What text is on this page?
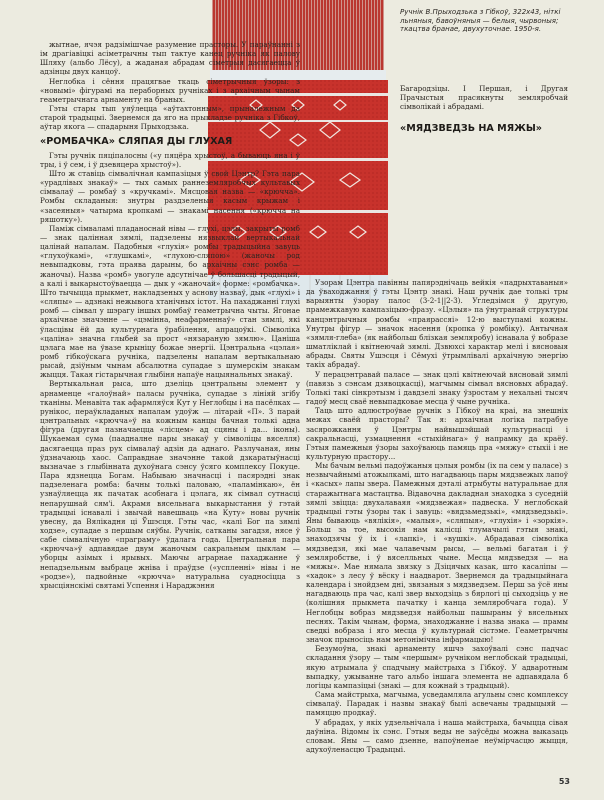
Ручнік В.Прыходзька з Гібкоў, 322х43, ніткі льняныя, бавоўняныя — белыя, чырвоныя; ткацтва бранае, двухуточнае. 1950-я.

жытнае, ячэя радзімішчае разумение прасторы. У параўнанні з ім драгіавіцкі асіметрычны тып тактуе канец ручніка як палову Шляху (альбо Лёсу), а жаданая абрадам сіметрыя дасягаецца ў адзінцы двух канцоў.

Неглобка і сёння працягвае ткаць сіметрычныя ўзоры: з «новымі» фігурамі на пераборных ручніках і з архаічным чынам геаметрычнага арнаменту на браных.

Гэты стары тып уяўлецца «аўтахтонным», прыналежным да старой традыцыі. Звернемся да яго на прыкладзе ручніка з Гібкоў, аўтар якога — спадарыня Прыходзька.

«РОМБАЧКА» СЛЯПАЯ ДЫ ГЛУХАЯ

Гэты ручнік пяціпалосны («у пяцёра хрыстоў, а бываюць яна і ў тры, і ў сем, і ў дзевяцера хрыстоў»).

Што ж ставіць сімвалічная кампазіцыя ў свой Цэнтр? Гэта пара «урадлівых знакаў» — тых самых раннеземляробчых культавых сімвалаў — ромбаў з «кручкамі». Мясцовая назва — «крючча». Ромбы складаныя: знутры раздзеленыя касым крыжам і «засеяныя» чатырма кропкамі — знакамі насення («крючча на ряшотку»).

Паміж сімваламі пладаноснай нівы — глухі, цэлы, закрыты ромб — знак цалінная зямлі, падзелены нязвыклай вертыкальнай цалінай напалам. Падобныя «глухія» ромбы традыцыйна завуць «глухоўкамі», «глушкамі», «глухою-сляпою» (жаночы род невыпадковы, гэта праява дарыны, бо архаічны сэнс ромба — жаночы). Назва «ромб» увогуле адсутнічае ў большасці традыцый, а калі і выкарыстоўваецца — дык у «жаночай» форме: «ромбачка». Што тычыцца прыкмет, накладзеных у аснову назваў, дык «глухі» і «сляпы» — адзнакі нежывога хтанічных істот. На пахаджанні глухі ромб — сімвал у шэрагу іншых ромбаў геаметрычна чыты. Ягонае архаічнае значэнне — «цэмінна, неафарменнаў» стан зямлі, які ўласцівы ёй да культурнага ўрабілення, апрацоўкі. Сімволіка «цаліна» значна глыбей за прост «нязараную зямлю». Цаніша цэлага мае на ўвазе крыніцу божае энергіі. Цэнтральна «цэлая» ромб гібкоўскага ручніка, падзелены напалам вертыкальнаю рысай, дзіўным чынам абсалютна супадае з шумерскім знакам жыцця. Такая гістарычная глыбіня напаўе нацыянальных знакаў.

Вертыкальная рыса, што дзеліць цэнтральны элемент у арнаменце «галоўнай» паласы ручніка, супадае з лініяй згібу тканіны. Менавіта так афармляўся Кут у Неглобцы і на пасёлках — рунікос, пераўкладаных напалам удоўж — літарай «П». З парай цэнтральных «крючча»ў на кожным канцы бачная толькі адна фігура (другая пазначаецца «лісцем» ад сцяны і да... іконы). Шукаемая сума (паадналне пары знакаў у сімволіцы вяселля) дасягаецца праз рух сімвалаў адзін да аднаго. Разлучаная, яны ўдзначаюць хаос. Саправднае значэнне такой дзкаратыўнасці вызначае з глыбінната духоўнага сэнсу ўсяго комплексу Покуце. Пара ядзнецца Богам. Набываю значнасці і пасярэдні знак падзеленага ромба: бачны толькі паловаю, «паламінкаю», ён узнаўляецца як пачатак асобнага і цэлага, як сімвал сутнасці непарушнай сям'і. Акрамя вясельнага выкарыстання ў гэтай традыцыі існавалі і звычай навешваць «на Куту» новы ручнік увесну, да Вялікадня ці Ўшэсця. Гэты час, «калі Бог па зямлі ходзе», супадае з першым сяўбы. Ручнік, сатканы загадзя, нясе ў сабе сімвалічную «праграму» ўдалага года. Цэнтральная пара «крючча»ў адпавядае двум жаночым сакральным цыклам — уборцы азімых і ярывых. Маючы аграрнае пахаджанне ў непадзельным выбраце жніва і праўдзе («успленні» нівы і не «родзе»), падвойные «крючча» натуральна суадносіцца з хрысціянскімі святамі Успення і Нараджэння

Багародзіцы. І Першая, і Другая Прачыстыя прасякнуты земляробчай сімволікай і абрадамі.

«МЯДЗВЕДЗЬ НА МЯЖЫ»

Узорам Цэнтра павінны папярэднічаць вейкія «падрыхтаваныя» да ўваходжання ў гэты Цэнтр знакі. Наш ручнік дае толькі тры варыянты ўзорау палос (3-2-1||2-3). Угледзімся ў другую, прамежкавую кампазіцыю-фразу. «Цэлыя» па ўнутранай структуры канцэнтрычныя ромбы «праярассяі» 12-ю выступамі кожны. Унутры фігур — значок насення (кропка ў ромбіку). Антычная «зямля-глеба» (як найбольш блізкая земляробу) існавала ў вобразе шматліклай і квітнеючай зямлі. Дзвюхсі характар мелі і вясновыя абрады. Святы Ушэсця і Сёмухі ўтрымлівалі архаічную энергію такіх абрадаў.

У перацэнтравай паласе — знак цэлі квітнеючай вясновай зямлі (павязь з сэнсам дзявоцкасці), магчымы сімвал вясновых абрадаў. Толькі такі сінкрэтызм і давдзелі знаку ўзростам у нехальні тысяч гадоў месц сваё невыпадковае месца ў чыне ручніка.

Таць што адлюстроўвае ручнік з Гібкоў на краі, на знешніх межах сваёй прасторы? Так я: архаічная логіка патрабуе засярожкання ў Цэнтры найвышэйшай культурнасці і сакральнасці, узмацнення «стыхійнага» ў напрамку да краёў. Гэтыя памежныя ўзоры захоўваюць памяць пра «мяжу» стыхіі і не культурную прастору...

Мы бачым вельмі падоўжаныя цэлыя ромбы (іх па сем у паласе) з незвычайнымі атожылкамі, што нагадваюць пары мядзвежых лапоў і «касых» лапы звера. Памежныя дэталі атрыбуты натуральнае для старажытнага мастацтва. Відавочна дакладная знаходка з суседній зямлі звіцца: двухалаваяя «мядзвежая» падвеска. У неглобскай традыцыі гэты ўзоры так і завуць: «вядзьмедзькі», «мядзведзькі». Яны бываюць «вялікія», «малыя», «сляпыя», «глухія» і «зоркія». Больш за тое, высокія нам калісці тлумачылі гэтыя знакі, знаходзячы ў іх і «лапкі», і «вушкі». Абрадавая сімволіка мядзведзя, які мае чалавечым рысы, — вельмі багатая і ў земляробстве, і ў вяселльных чыне. Месца мядзведзя — на «мяжы». Мае нямала звязку з Дзіцячых казак, што касаліпы — «хадок» з лесу ў вёску і наадварот. Звернемся да традыцыйнага календара і знойдзем дні, звязаныя з мядзведзем. Перш за ўсё яны нагадваюць пра час, калі звер выходзіць з бярлогі ці сыходзіць у не (колішняя прыкмета пачатку і канца земляробчага года). У Неглобцы вобраз мядзведзя найбольш пашыраны ў вясельных песнях. Такім чынам, форма, знаходжанне і назва знака — прамы сведкі вобраза і яго месца ў культурнай сістэме. Геаметрычны значок прыносіць нам метонімічна інфармацыю!

Безумоўна, знакі арнаменту яшчэ захоўвалі сэнс падчас складання ўзору — тым «першым» ручніком неглобскай традыцыі, якую атрымала ў спадчыну майстрыха з Гібкоў. У адваротным выпадку, ужыванне таго альбо іншага элемента не адпавядала б логіцы кампазіцыі (знакі — для кожнай з традыцый).

Сама майстрыха, магчыма, усведамляла агульны сэнс комплексу сімвалаў. Парадак і назвы знакаў былі асвечаны традыцыяй — памяццю продкаў.

У абрадах, у якіх удзельнічала і наша майстрыха, бачыцца сівая даўніна. Відомы іх сэнс. Гэтыя веды не заўсёды можна выказаць словам. Яны — само дзенне, напоўненае неўмірчасцю жыцця, адухоўленасцю Традыцыі.

53
